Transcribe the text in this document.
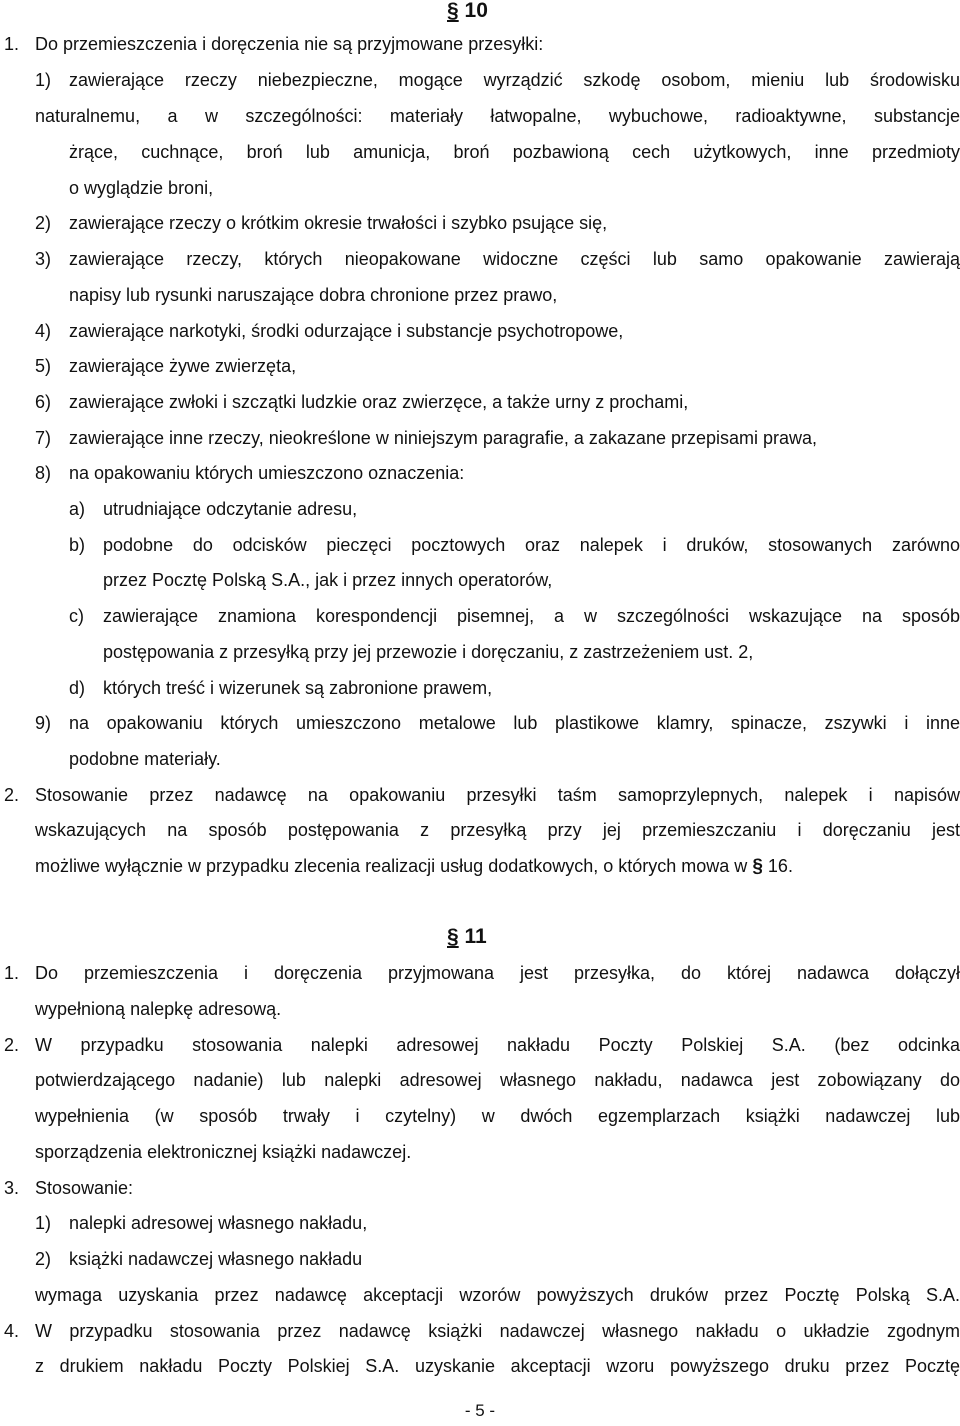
§ 10
1. Do przemieszczenia i doręczenia nie są przyjmowane przesyłki:
1) zawierające rzeczy niebezpieczne, mogące wyrządzić szkodę osobom, mieniu lub środowisku
naturalnemu, a w szczególności: materiały łatwopalne, wybuchowe, radioaktywne, substancje
żrące, cuchnące, broń lub amunicja, broń pozbawioną cech użytkowych, inne przedmioty
o wyglądzie broni,
2) zawierające rzeczy o krótkim okresie trwałości i szybko psujące się,
3) zawierające rzeczy, których nieopakowane widoczne części lub samo opakowanie zawierają
napisy lub rysunki naruszające dobra chronione przez prawo,
4) zawierające narkotyki, środki odurzające i substancje psychotropowe,
5) zawierające żywe zwierzęta,
6) zawierające zwłoki i szczątki ludzkie oraz zwierzęce, a także urny z prochami,
7) zawierające inne rzeczy, nieokreślone w niniejszym paragrafie, a zakazane przepisami prawa,
8) na opakowaniu których umieszczono oznaczenia:
a) utrudniające odczytanie adresu,
b) podobne do odcisków pieczęci pocztowych oraz nalepek i druków, stosowanych zarówno
przez Pocztę Polską S.A., jak i przez innych operatorów,
c) zawierające znamiona korespondencji pisemnej, a w szczególności wskazujące na sposób
postępowania z przesyłką przy jej przewozie i doręczaniu, z zastrzeżeniem ust. 2,
d) których treść i wizerunek są zabronione prawem,
9) na opakowaniu których umieszczono metalowe lub plastikowe klamry, spinacze, zszywki i inne
podobne materiały.
2. Stosowanie przez nadawcę na opakowaniu przesyłki taśm samoprzylepnych, nalepek i napisów
wskazujących na sposób postępowania z przesyłką przy jej przemieszczaniu i doręczaniu jest
możliwe wyłącznie w przypadku zlecenia realizacji usług dodatkowych, o których mowa w § 16.
§ 11
1. Do przemieszczenia i doręczenia przyjmowana jest przesyłka, do której nadawca dołączył
wypełnioną nalepkę adresową.
2. W przypadku stosowania nalepki adresowej nakładu Poczty Polskiej S.A. (bez odcinka
potwierdzającego nadanie) lub nalepki adresowej własnego nakładu, nadawca jest zobowiązany do
wypełnienia (w sposób trwały i czytelny) w dwóch egzemplarzach książki nadawczej lub
sporządzenia elektronicznej książki nadawczej.
3. Stosowanie:
1) nalepki adresowej własnego nakładu,
2) książki nadawczej własnego nakładu
wymaga uzyskania przez nadawcę akceptacji wzorów powyższych druków przez Pocztę Polską S.A.
4. W przypadku stosowania przez nadawcę książki nadawczej własnego nakładu o układzie zgodnym
z drukiem nakładu Poczty Polskiej S.A. uzyskanie akceptacji wzoru powyższego druku przez Pocztę
- 5 -
